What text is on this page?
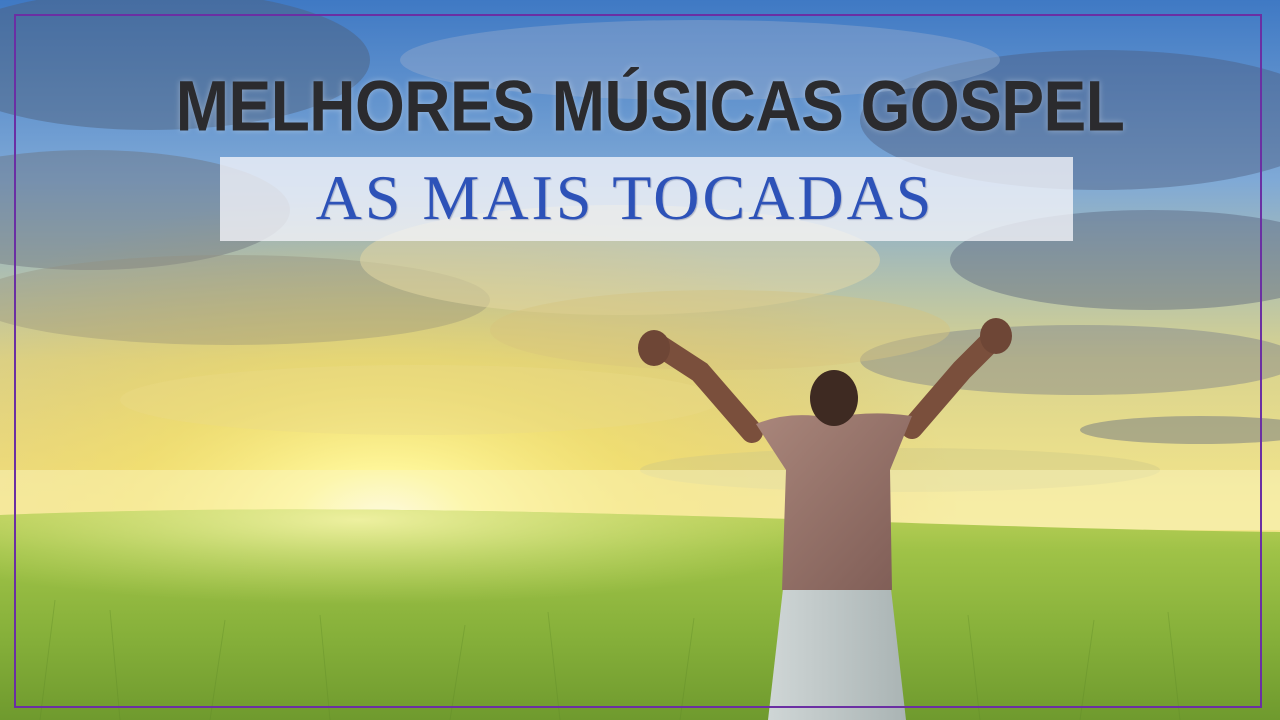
MELHORES MÚSICAS GOSPEL
AS MAIS TOCADAS
